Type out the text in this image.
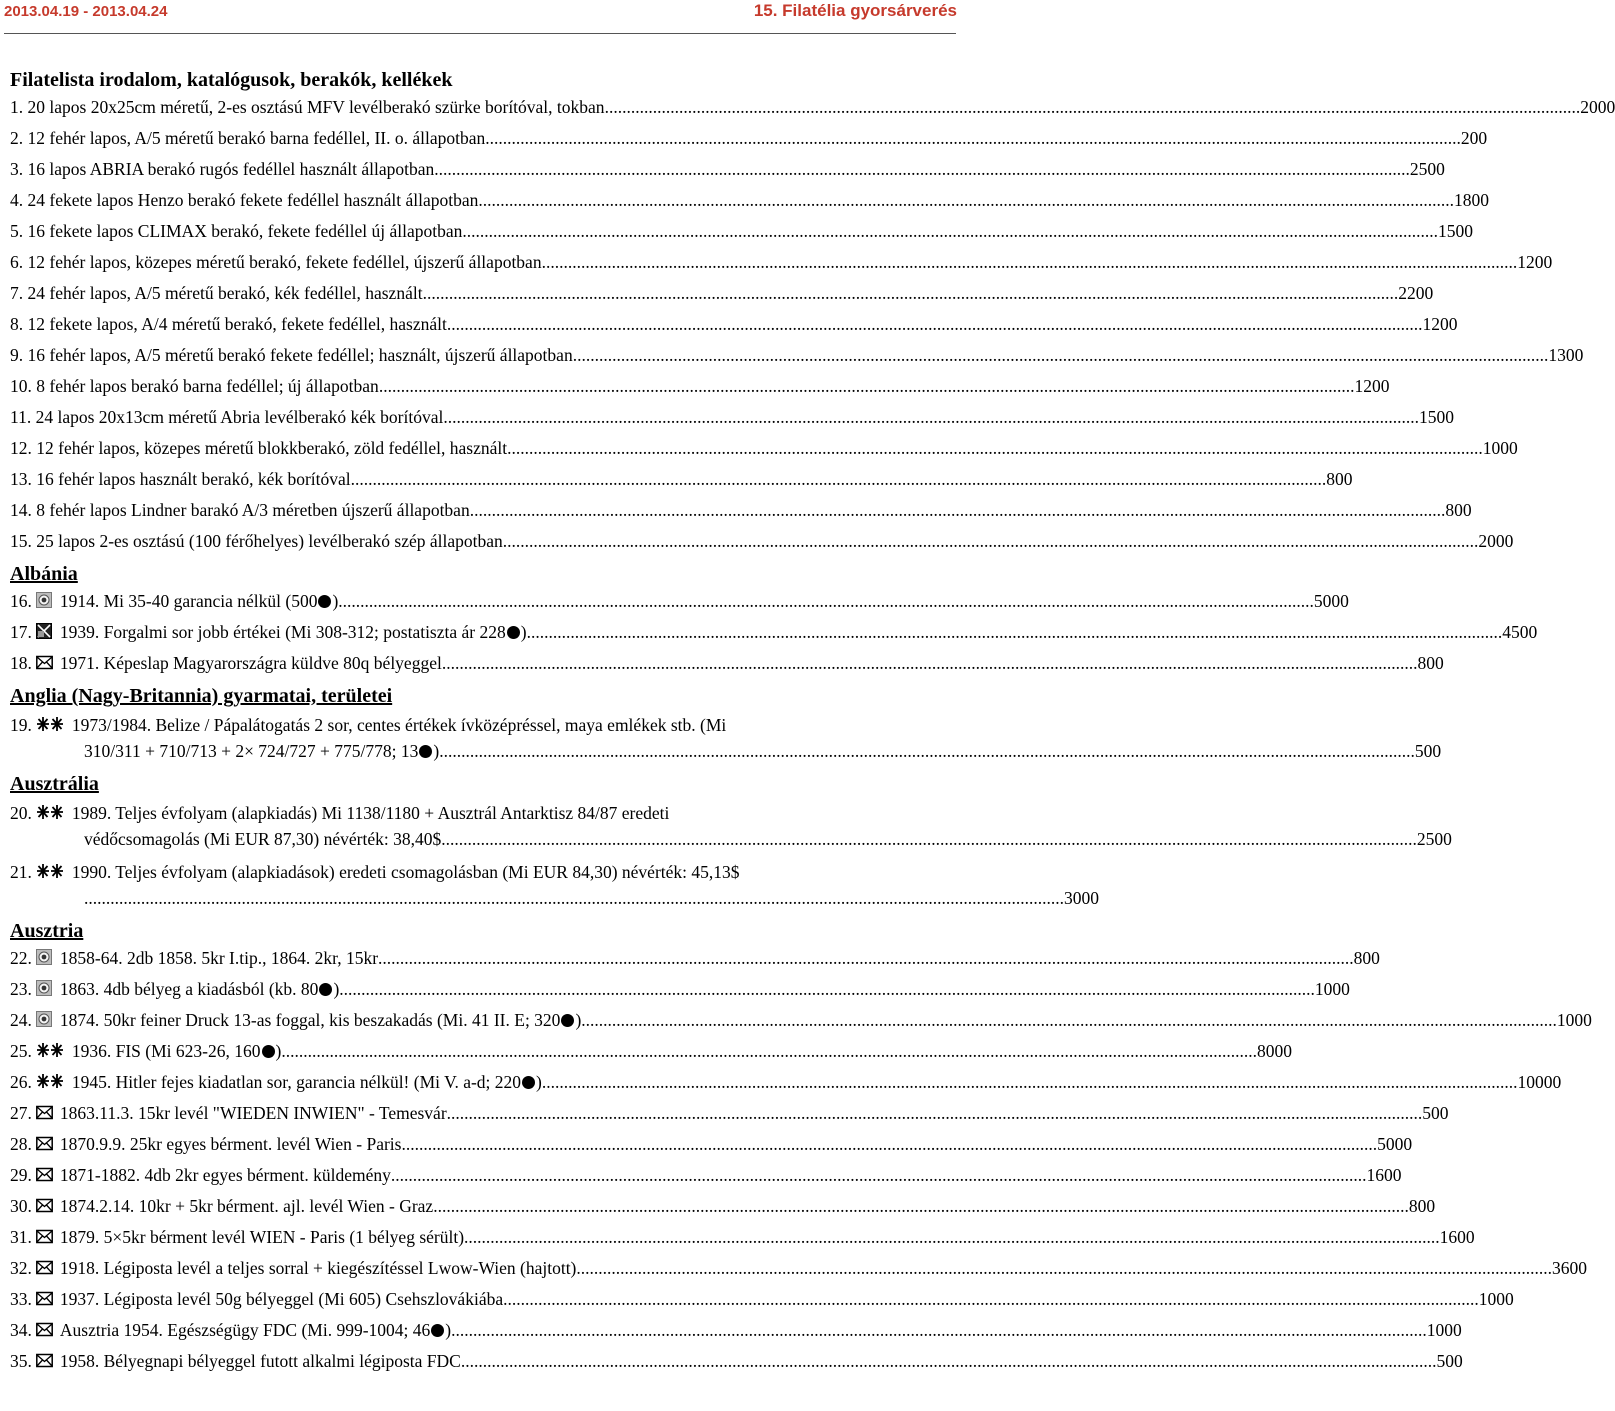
2013.04.19 - 2013.04.24	15. Filatélia gyorsárverés
Filatelista irodalom, katalógusok, berakók, kellékek
1. 20 lapos 20x25cm méretű, 2-es osztású MFV levélberakó szürke borítóval, tokban .....	2000
2. 12 fehér lapos, A/5 méretű berakó barna fedéllel, II. o. állapotban .....	200
3. 16 lapos ABRIA berakó rugós fedéllel használt állapotban .....	2500
4. 24 fekete lapos Henzo berakó fekete fedéllel használt állapotban .....	1800
5. 16 fekete lapos CLIMAX berakó, fekete fedéllel új állapotban .....	1500
6. 12 fehér lapos, közepes méretű berakó, fekete fedéllel, újszerű állapotban .....	1200
7. 24 fehér lapos, A/5 méretű berakó, kék fedéllel, használt .....	2200
8. 12 fekete lapos, A/4 méretű berakó, fekete fedéllel, használt .....	1200
9. 16 fehér lapos, A/5 méretű berakó fekete fedéllel; használt, újszerű állapotban .....	1300
10. 8 fehér lapos berakó barna fedéllel; új állapotban .....	1200
11. 24 lapos 20x13cm méretű Abria levélberakó kék borítóval .....	1500
12. 12 fehér lapos, közepes méretű blokkberakó, zöld fedéllel, használt .....	1000
13. 16 fehér lapos használt berakó, kék borítóval .....	800
14. 8 fehér lapos Lindner barakó A/3 méretben újszerű állapotban .....	800
15. 25 lapos 2-es osztású (100 férőhelyes) levélberakó szép állapotban .....	2000
Albánia
16. 1914. Mi 35-40 garancia nélkül (500 ) .....	5000
17. 1939. Forgalmi sor jobb értékei (Mi 308-312; postatiszta ár 228 ) .....	4500
18. 1971. Képeslap Magyarországra küldve 80q bélyeggel .....	800
Anglia (Nagy-Britannia) gyarmatai, területei
19. 1973/1984. Belize / Pápalátogatás 2 sor, centes értékek ívközépréssel, maya emlékek stb. (Mi
310/311 + 710/713 + 2× 724/727 + 775/778; 13 ) .....	500
Ausztrália
20. 1989. Teljes évfolyam (alapkiadás) Mi 1138/1180 + Ausztrál Antarktisz 84/87 eredeti
védőcsomagolás (Mi EUR 87,30) névérték: 38,40$ .....	2500
21. 1990. Teljes évfolyam (alapkiadások) eredeti csomagolásban (Mi EUR 84,30) névérték: 45,13$
. .....	3000
Ausztria
22. 1858-64. 2db 1858. 5kr I.tip., 1864. 2kr, 15kr .....	800
23. 1863. 4db bélyeg a kiadásból (kb. 80 ) .....	1000
24. 1874. 50kr feiner Druck 13-as foggal, kis beszakadás (Mi. 41 II. E; 320 ) .....	1000
25. 1936. FIS (Mi 623-26, 160 ) .....	8000
26. 1945. Hitler fejes kiadatlan sor, garancia nélkül! (Mi V. a-d; 220 ) .....	10000
27. 1863.11.3. 15kr levél "WIEDEN INWIEN" - Temesvár .....	500
28. 1870.9.9. 25kr egyes bérment. levél Wien - Paris .....	5000
29. 1871-1882. 4db 2kr egyes bérment. küldemény .....	1600
30. 1874.2.14. 10kr + 5kr bérment. ajl. levél Wien - Graz .....	800
31. 1879. 5×5kr bérment levél WIEN - Paris (1 bélyeg sérült) .....	1600
32. 1918. Légiposta levél a teljes sorral + kiegészítéssel Lwow-Wien (hajtott) .....	3600
33. 1937. Légiposta levél 50g bélyeggel (Mi 605) Csehszlovákiába .....	1000
34. Ausztria 1954. Egészségügy FDC (Mi. 999-1004; 46 ) .....	1000
35. 1958. Bélyegnapi bélyeggel futott alkalmi légiposta FDC .....	500
